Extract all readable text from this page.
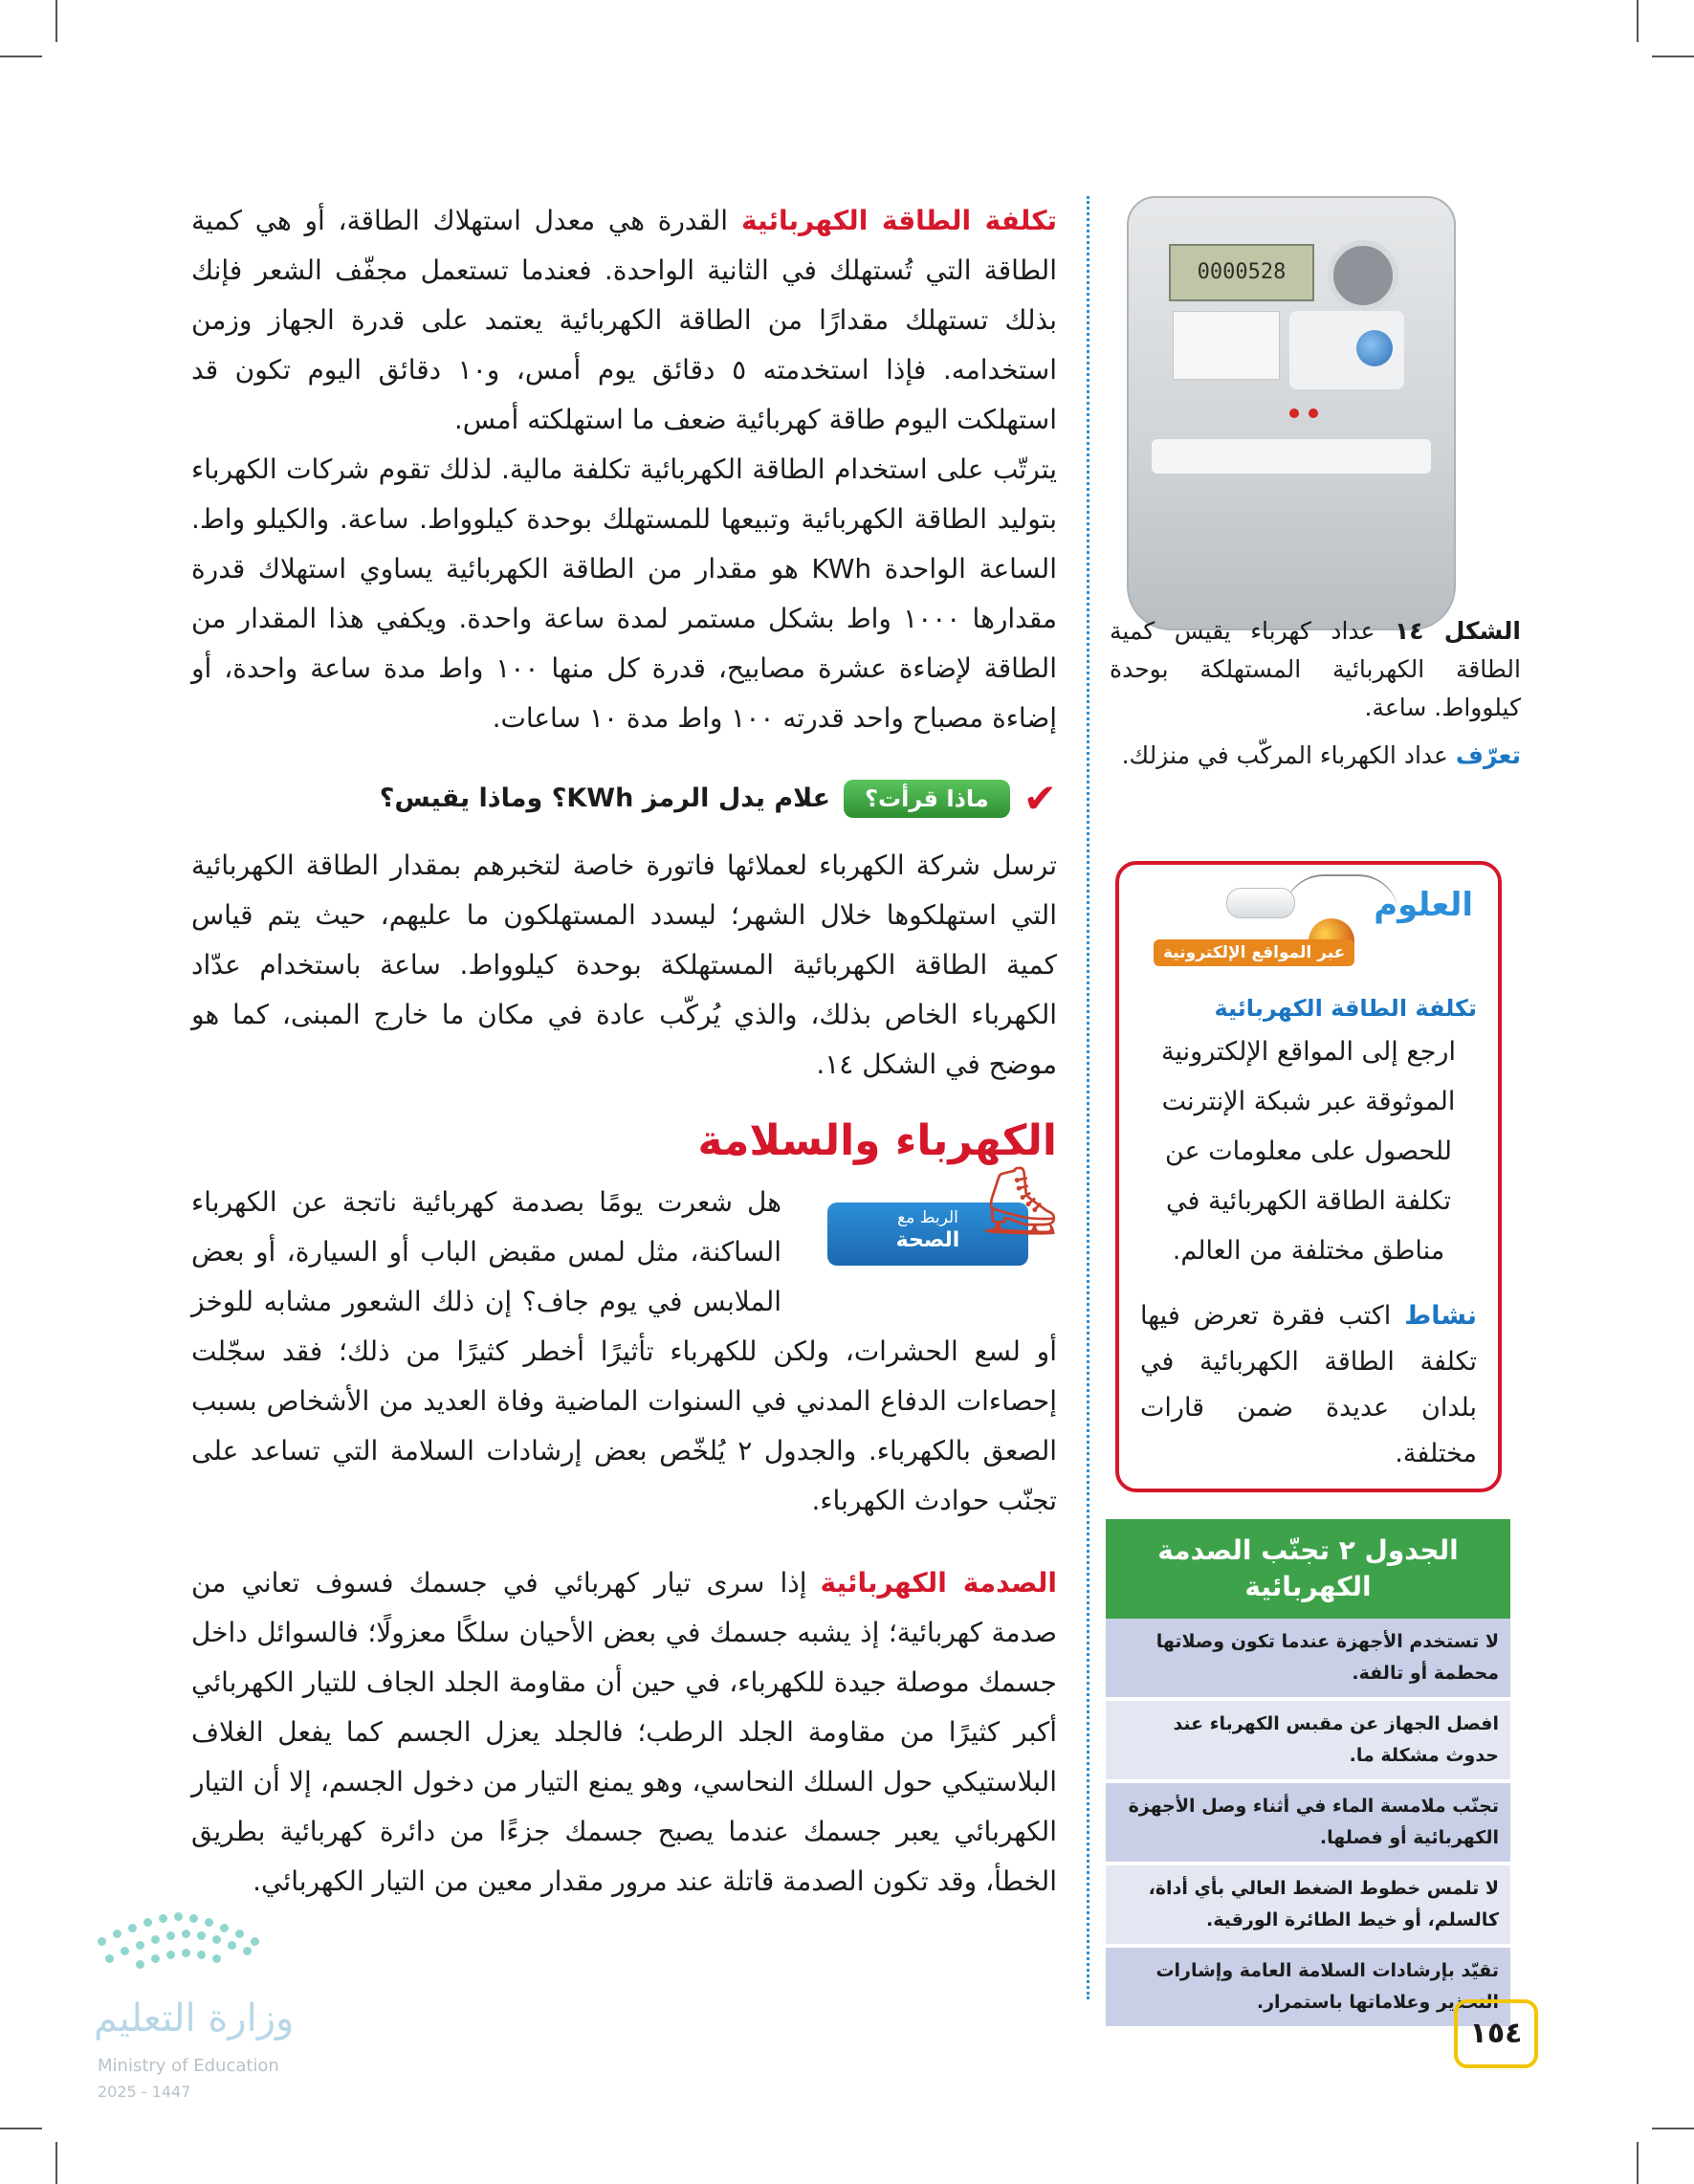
تكلفة الطاقة الكهربائيةالقدرة هي معدل استهلاك الطاقة، أو هي كمية الطاقة التي تُستهلك في الثانية الواحدة. فعندما تستعمل مجفّف الشعر فإنك بذلك تستهلك مقدارًا من الطاقة الكهربائية يعتمد على قدرة الجهاز وزمن استخدامه. فإذا استخدمته ٥ دقائق يوم أمس، و١٠ دقائق اليوم تكون قد استهلكت اليوم طاقة كهربائية ضعف ما استهلكته أمس.

يترتّب على استخدام الطاقة الكهربائية تكلفة مالية. لذلك تقوم شركات الكهرباء بتوليد الطاقة الكهربائية وتبيعها للمستهلك بوحدة كيلوواط. ساعة. والكيلو واط. الساعة الواحدة KWh هو مقدار من الطاقة الكهربائية يساوي استهلاك قدرة مقدارها ١٠٠٠ واط بشكل مستمر لمدة ساعة واحدة. ويكفي هذا المقدار من الطاقة لإضاءة عشرة مصابيح، قدرة كل منها ١٠٠ واط مدة ساعة واحدة، أو إضاءة مصباح واحد قدرته ١٠٠ واط مدة ١٠ ساعات.

✔
ماذا قرأت؟
علام يدل الرمز KWh؟ وماذا يقيس؟

ترسل شركة الكهرباء لعملائها فاتورة خاصة لتخبرهم بمقدار الطاقة الكهربائية التي استهلكوها خلال الشهر؛ ليسدد المستهلكون ما عليهم، حيث يتم قياس كمية الطاقة الكهربائية المستهلكة بوحدة كيلوواط. ساعة باستخدام عدّاد الكهرباء الخاص بذلك، والذي يُركّب عادة في مكان ما خارج المبنى، كما هو موضح في الشكل ١٤.

الكهرباء والسلامة
الربط مع
الصحة
⛸

هل شعرت يومًا بصدمة كهربائية ناتجة عن الكهرباء الساكنة، مثل لمس مقبض الباب أو السيارة، أو بعض الملابس في يوم جاف؟ إن ذلك الشعور مشابه للوخز أو لسع الحشرات، ولكن للكهرباء تأثيرًا أخطر كثيرًا من ذلك؛ فقد سجّلت إحصاءات الدفاع المدني في السنوات الماضية وفاة العديد من الأشخاص بسبب الصعق بالكهرباء. والجدول ٢ يُلخّص بعض إرشادات السلامة التي تساعد على تجنّب حوادث الكهرباء.

الصدمة الكهربائيةإذا سرى تيار كهربائي في جسمك فسوف تعاني من صدمة كهربائية؛ إذ يشبه جسمك في بعض الأحيان سلكًا معزولًا؛ فالسوائل داخل جسمك موصلة جيدة للكهرباء، في حين أن مقاومة الجلد الجاف للتيار الكهربائي أكبر كثيرًا من مقاومة الجلد الرطب؛ فالجلد يعزل الجسم كما يفعل الغلاف البلاستيكي حول السلك النحاسي، وهو يمنع التيار من دخول الجسم، إلا أن التيار الكهربائي يعبر جسمك عندما يصبح جسمك جزءًا من دائرة كهربائية بطريق الخطأ، وقد تكون الصدمة قاتلة عند مرور مقدار معين من التيار الكهربائي.

0000528
الشكل ١٤ عداد كهرباء يقيس كمية الطاقة الكهربائية المستهلكة بوحدة كيلوواط. ساعة.
تعرّف عداد الكهرباء المركّب في منزلك.
العلوم
عبر المواقع الإلكترونية
تكلفة الطاقة الكهربائية
ارجع إلى المواقع الإلكترونية الموثوقة عبر شبكة الإنترنت للحصول على معلومات عن تكلفة الطاقة الكهربائية في مناطق مختلفة من العالم.
نشاط اكتب فقرة تعرض فيها تكلفة الطاقة الكهربائية في بلدان عديدة ضمن قارات مختلفة.
الجدول ٢ تجنّب الصدمة الكهربائية
لا تستخدم الأجهزة عندما تكون وصلاتها محطمة أو تالفة.
افصل الجهاز عن مقبس الكهرباء عند حدوث مشكلة ما.
تجنّب ملامسة الماء في أثناء وصل الأجهزة الكهربائية أو فصلها.
لا تلمس خطوط الضغط العالي بأي أداة، كالسلم، أو خيط الطائرة الورقية.
تقيّد بإرشادات السلامة العامة وإشارات التحذير وعلاماتها باستمرار.
١٥٤
وزارة التعليم
Ministry of Education
2025 - 1447
